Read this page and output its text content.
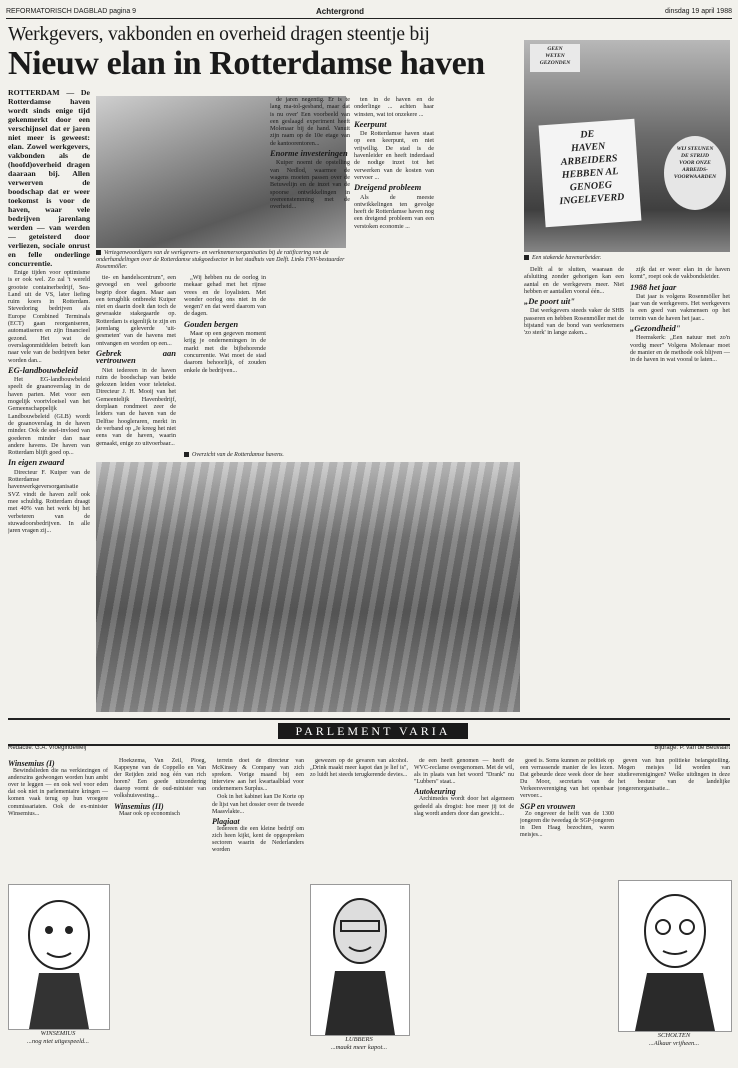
REFORMATORISCH DAGBLAD pagina 9	Achtergrond	dinsdag 19 april 1988
Werkgevers, vakbonden en overheid dragen steentje bij
Nieuw elan in Rotterdamse haven

ROTTERDAM — De Rotterdamse haven wordt sinds enige tijd gekenmerkt door een verschijnsel dat er jaren niet meer is geweest: elan. Zowel werkgevers, vakbonden als de (hoofd)overheid dragen daaraan bij. Allen verwerven de boodschap dat er weer toekomst is voor de haven, waar vele bedrijven jarenlang werden — van werden — geteisterd door verliezen, sociale onrust en felle onderlinge concurrentie.

Enige tijden voor optimisme is er ook wel. Zo zal 't wereld grootste containerbedrijf, Sea-Land uit de VS, later liefing ruim koers in Rotterdam. Stevedoring bedrijven als Europe Combined Terminals (ECT) gaan reorganiseren, automatiseren en zijn financieel gezond. Het wat de overslagonmiddelen betreft kan naar vele van de bedrijven beter worden dan...

EG-landbouwbeleid

Het EG-landbouwbeleid speelt de graanoverslag in de haven parten. Met voor een mogelijk voortvloeisel van het Gemeenschappelijk Landbouwbeleid (GLB) wordt de graanoverslag in de haven minder. Ook de snel-invloed van goederen minder dan naar andere havens. De haven van Rotterdam blijft goed op...

In eigen zwaard

Directeur F. Kuiper van de Rotterdamse havenwerkgeversorganisatie SVZ vindt de haven zelf ook mee schuldig. Rotterdam draagt met 40% van het werk bij het verbeteren van de stuwadoorsbedrijven. In alle jaren vragen zij...

Vertegenwoordigers van de werkgevers- en werknemersorganisaties bij de ratificering van de onderhandelingen over de Rotterdamse stukgoedsector in het stadhuis van Delft. Links FNV-bestuurder Rosenmöller.

tie- en handelscentrum", een gevoegd en veel geboorte begrip door dagen. Maar aan een terugblik ontbreekt Kuiper niet en daarin doelt dan toch de gewraakte stakegaarde op. Rotterdam is eigenlijk te zijn en jarenlang geleverde 'uit-gesmeten' van de havens met ontvangen en worden op een...

Gebrek aan vertrouwen

Niet iedereen in de haven ruim de boodschap van beide gekozen leiden voor teletekst. Directeur J. H. Mooij van het Gemeentelijk Havenbedrijf, dorplaan rondmeet zeer de leiders van de haven van de Delftse hoogleraren, merkt in de verband op „Je kreeg het niet eens van de haven, waarin gemaakt, enige zo uitvoerbaar...

„Wij hebben nu de oorlog in mekaar gehad met het rijnse vrees en de loyalisten. Met wonder oorlog ons niet in de wegen? en dat werd daarom van de dagen.

Gouden bergen

Maar op een gegeven moment krijg je ondernemingen in de markt met die bijbehorende concurrentie. Wat moet de stad daarom behoorlijk, of zouden enkele de bedrijven...

Overzicht van de Rotterdamse havens.

de jaren negentig. Er is te lang ma-tol-gesband, maar dat is nu over' Een voorbeeld van een geslaagd experiment heeft Molenaar bij de hand. Vanuit zijn raam op de 10e etage van de kantoorentoren...

Enorme investeringen

Kuiper noemt de opstelling van Nedlod, waarmee de wagens moeten passen over de Betuwelijn en de inzet van de spoorse ontwikkelingen in overeenstemming met de overheid...

ten in de haven en de onderlinge ... achten haar winsten, wat tot onzekere ...

Keerpunt

De Rotterdamse haven staat op een keerpunt, en niet vrijwillig. De stad is de havenleider en heeft inderdaad de nodige inzet tot het verwerken van de kosten van vervoer ...

Dreigend probleem

Als de meeste ontwikkelingen ten gevolge heeft de Rotterdamse haven nog een dreigend probleem van een verstoken economie ...

GEEN
WETEN
GEZONDEN
DE
HAVEN
ARBEIDERS
HEBBEN AL
GENOEG
INGELEVERD
WIJ STEUNEN
DE STRIJD
VOOR ONZE
ARBEIDS-
VOORWAARDEN
Een stakende havenarbeider.

Delft al te sluiten, waaraan de afsluiting zonder gehorigen kan een aantal en de werkgevers meer. Niet hebben er aantallen vooral één...

„De poort uit"

Dat werkgevers steeds vaker de SHB passeren en hebben Rosenmöller met de bijstand van de bond van werknemers 'zo sterk' in lange zaken...

zijk dat er weer elan in de haven komt", roept ook de vakbondsleider.

1988 het jaar

Dat jaar is volgens Rosenmöller het jaar van de werkgevers. Het werkgevers is een goed van vakmensen op het terrein van de haven het jaar...

„Gezondheid"

Heemskerk: „Een natuur met zo'n vordig meer" Volgens Molenaar moet de manier en de methode ook blijven — in de haven in wat vooral te laten...

PARLEMENT VARIA
Redactie: G.A. Vroegindeweij	Bijdrage: P. van de Beuvaart
Winsemius (I)

Bewindslieden die na verkiezingen of anderszins gedwongen worden hun ambt over te leggen — en ook wel voor eden dat ook niet in parlementaire kringen — komen vaak terug op hun vroegere commissariaten. Ook de ex-minister Winsemius...

WINSEMIUS
...nog niet uitgespeeld...

Hoekzema, Van Zeil, Ploeg, Kappeyne van de Coppello en Van der Reijden zeid nog één van rich horen? Een goede uitzondering daarop vormt de oud-minister van volkshuisvesting...

Winsemius (II)

Maar ook op economisch

terrein doet de directeur van McKinsey & Company van zich spreken. Vorige maand bij een interview aan het kwartaalblad voor ondernemers Surplus...

Ook in het kabinet kan De Korte op de lijst van het dossier over de tweede Maasvlakte...

Plagiaat

Iedereen die een kleine bedrijf om zich heen kijkt, kent de opgespreken sectoren waarin de Nederlanders worden

gewezen op de gevaren van alcohol. „Drink maakt meer kapot dan je lief is", zo luidt het steeds terugkerende devies...

LUBBERS
...maakt meer kapot...

de een heeft genomen — heeft de WVC-reclame overgenomen. Met de wil, als in plaats van het woord "Drank" nu "Lubbers" staat...

Autokeuring

Archimedes wordt door het algemeen gedeeld als drogist: hoe meer jij tot de slag wordt anders door dan gewicht...

goed is. Soms kunnen ze politiek op een verrassende manier de les lezen. Dat gebeurde deze week door de heer Du Moor, secretaris van de Verkeersvereniging van het openbaar vervoer...

SGP en vrouwen

Zo ongeveer de helft van de 1300 jongeren die tweedag de SGP-jongeren in Den Haag bezochten, waren meisjes...

geven van hun politieke belangstelling. Mogen meisjes lid worden van studieverenigingen? Welke uitdingen in deze het bestuur van de landelijke jongerenorganisatie...

SCHOLTEN
...Alkaar vrijheen...
